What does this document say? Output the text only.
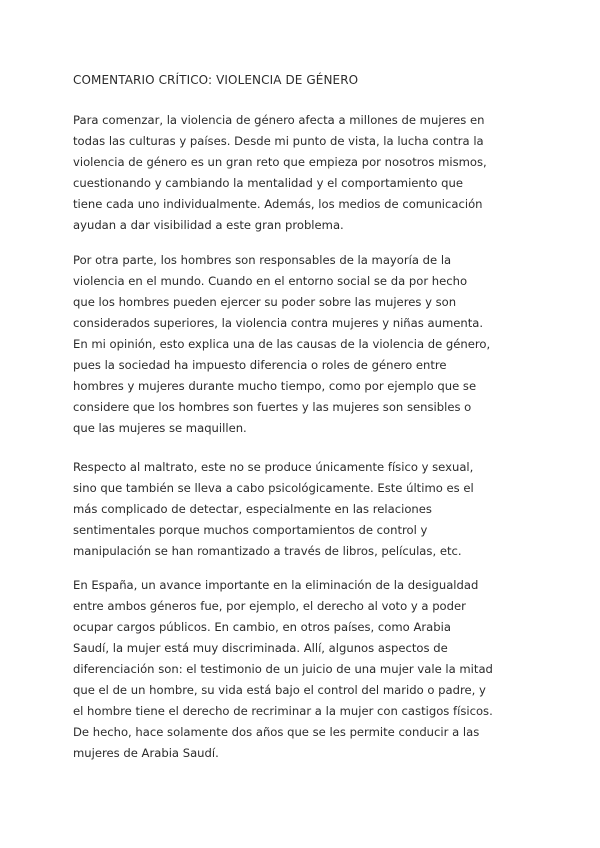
COMENTARIO CRÍTICO: VIOLENCIA DE GÉNERO
Para comenzar, la violencia de género afecta a millones de mujeres en
todas las culturas y países. Desde mi punto de vista, la lucha contra la
violencia de género es un gran reto que empieza por nosotros mismos,
cuestionando y cambiando la mentalidad y el comportamiento que
tiene cada uno individualmente. Además, los medios de comunicación
ayudan a dar visibilidad a este gran problema.
Por otra parte, los hombres son responsables de la mayoría de la
violencia en el mundo. Cuando en el entorno social se da por hecho
que los hombres pueden ejercer su poder sobre las mujeres y son
considerados superiores, la violencia contra mujeres y niñas aumenta.
En mi opinión, esto explica una de las causas de la violencia de género,
pues la sociedad ha impuesto diferencia o roles de género entre
hombres y mujeres durante mucho tiempo, como por ejemplo que se
considere que los hombres son fuertes y las mujeres son sensibles o
que las mujeres se maquillen.
Respecto al maltrato, este no se produce únicamente físico y sexual,
sino que también se lleva a cabo psicológicamente. Este último es el
más complicado de detectar, especialmente en las relaciones
sentimentales porque muchos comportamientos de control y
manipulación se han romantizado a través de libros, películas, etc.
En España, un avance importante en la eliminación de la desigualdad
entre ambos géneros fue, por ejemplo, el derecho al voto y a poder
ocupar cargos públicos. En cambio, en otros países, como Arabia
Saudí, la mujer está muy discriminada. Allí, algunos aspectos de
diferenciación son: el testimonio de un juicio de una mujer vale la mitad
que el de un hombre, su vida está bajo el control del marido o padre, y
el hombre tiene el derecho de recriminar a la mujer con castigos físicos.
De hecho, hace solamente dos años que se les permite conducir a las
mujeres de Arabia Saudí.
